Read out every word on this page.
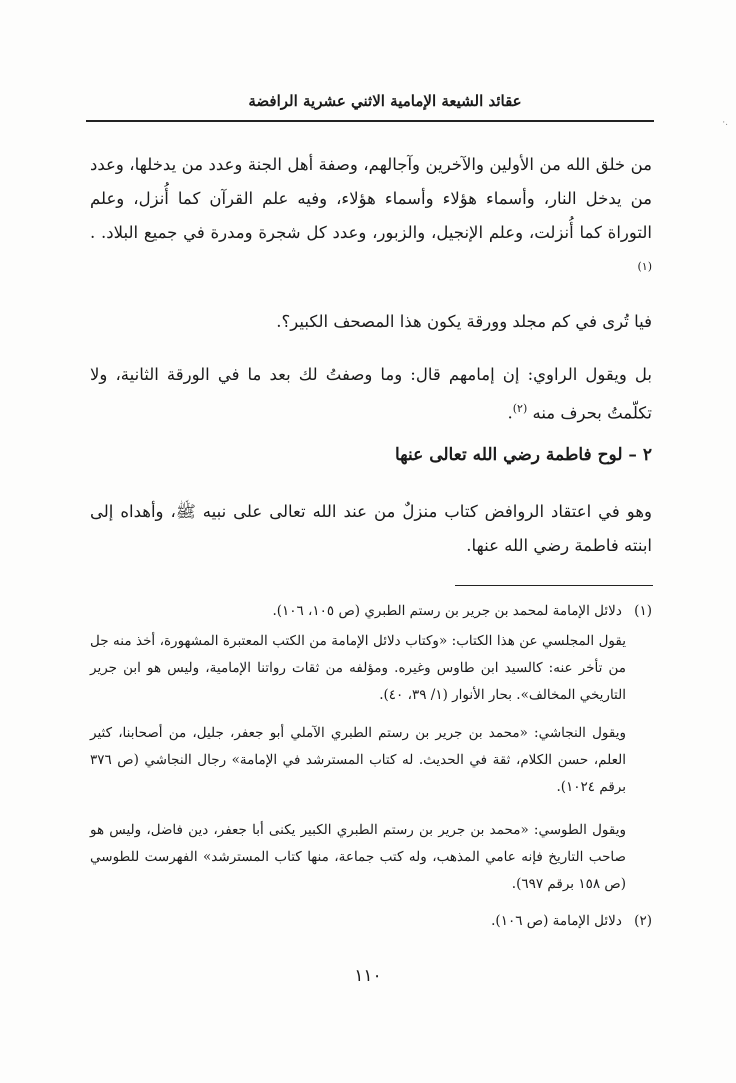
عقائد الشيعة الإمامية الاثني عشرية الرافضة
من خلق الله من الأولين والآخرين وآجالهم، وصفة أهل الجنة وعدد من يدخلها، وعدد من يدخل النار، وأسماء هؤلاء وأسماء هؤلاء، وفيه علم القرآن كما أُنزل، وعلم التوراة كما أُنزلت، وعلم الإنجيل، والزبور، وعدد كل شجرة ومدرة في جميع البلاد. . $^{(١)}$
فيا تُرى في كم مجلد وورقة يكون هذا المصحف الكبير؟.
بل ويقول الراوي: إن إمامهم قال: وما وصفتُ لك بعد ما في الورقة الثانية، ولا تكلّمتُ بحرف منه $^{(٢)}$.
٢ – لوح فاطمة رضي الله تعالى عنها
وهو في اعتقاد الروافض كتاب منزلٌ من عند الله تعالى على نبيه ﷺ، وأهداه إلى ابنته فاطمة رضي الله عنها.
(١) دلائل الإمامة لمحمد بن جرير بن رستم الطبري (ص ١٠٥، ١٠٦).
يقول المجلسي عن هذا الكتاب: «وكتاب دلائل الإمامة من الكتب المعتبرة المشهورة، أخذ منه جل من تأخر عنه: كالسيد ابن طاوس وغيره. ومؤلفه من ثقات رواتنا الإمامية، وليس هو ابن جرير التاريخي المخالف». بحار الأنوار (١/ ٣٩، ٤٠).
ويقول النجاشي: «محمد بن جرير بن رستم الطبري الآملي أبو جعفر، جليل، من أصحابنا، كثير العلم، حسن الكلام، ثقة في الحديث. له كتاب المسترشد في الإمامة» رجال النجاشي (ص ٣٧٦ برقم ١٠٢٤).
ويقول الطوسي: «محمد بن جرير بن رستم الطبري الكبير يكنى أبا جعفر، دين فاضل، وليس هو صاحب التاريخ فإنه عامي المذهب، وله كتب جماعة، منها كتاب المسترشد» الفهرست للطوسي (ص ١٥٨ برقم ٦٩٧).
(٢) دلائل الإمامة (ص ١٠٦).
١١٠
·.
